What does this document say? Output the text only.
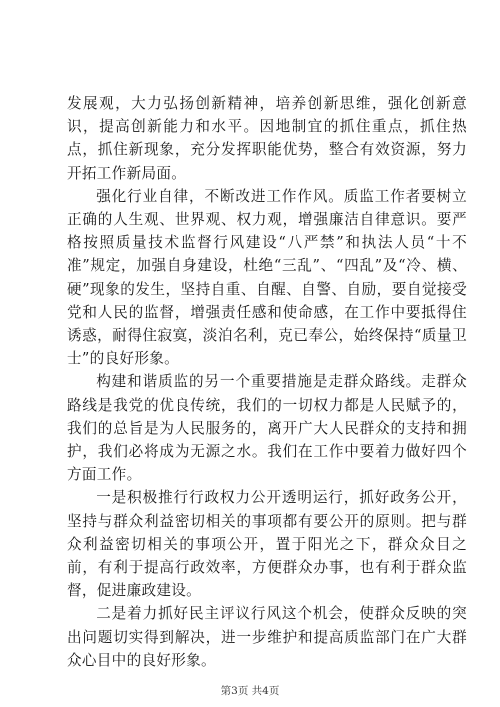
发展观，大力弘扬创新精神，培养创新思维，强化创新意识，提高创新能力和水平。因地制宜的抓住重点，抓住热点，抓住新现象，充分发挥职能优势，整合有效资源，努力开拓工作新局面。

强化行业自律，不断改进工作作风。质监工作者要树立正确的人生观、世界观、权力观，增强廉洁自律意识。要严格按照质量技术监督行风建设“八严禁”和执法人员“十不准”规定，加强自身建设，杜绝“三乱”、“四乱”及“冷、横、硬”现象的发生，坚持自重、自醒、自警、自励，要自觉接受党和人民的监督，增强责任感和使命感，在工作中要抵得住诱惑，耐得住寂寞，淡泊名利，克已奉公，始终保持“质量卫士”的良好形象。

构建和谐质监的另一个重要措施是走群众路线。走群众路线是我党的优良传统，我们的一切权力都是人民赋予的，我们的总旨是为人民服务的，离开广大人民群众的支持和拥护，我们必将成为无源之水。我们在工作中要着力做好四个方面工作。

一是积极推行行政权力公开透明运行，抓好政务公开，坚持与群众利益密切相关的事项都有要公开的原则。把与群众利益密切相关的事项公开，置于阳光之下，群众众目之前，有利于提高行政效率，方便群众办事，也有利于群众监督，促进廉政建设。

二是着力抓好民主评议行风这个机会，使群众反映的突出问题切实得到解决，进一步维护和提高质监部门在广大群众心目中的良好形象。

第3页 共4页
